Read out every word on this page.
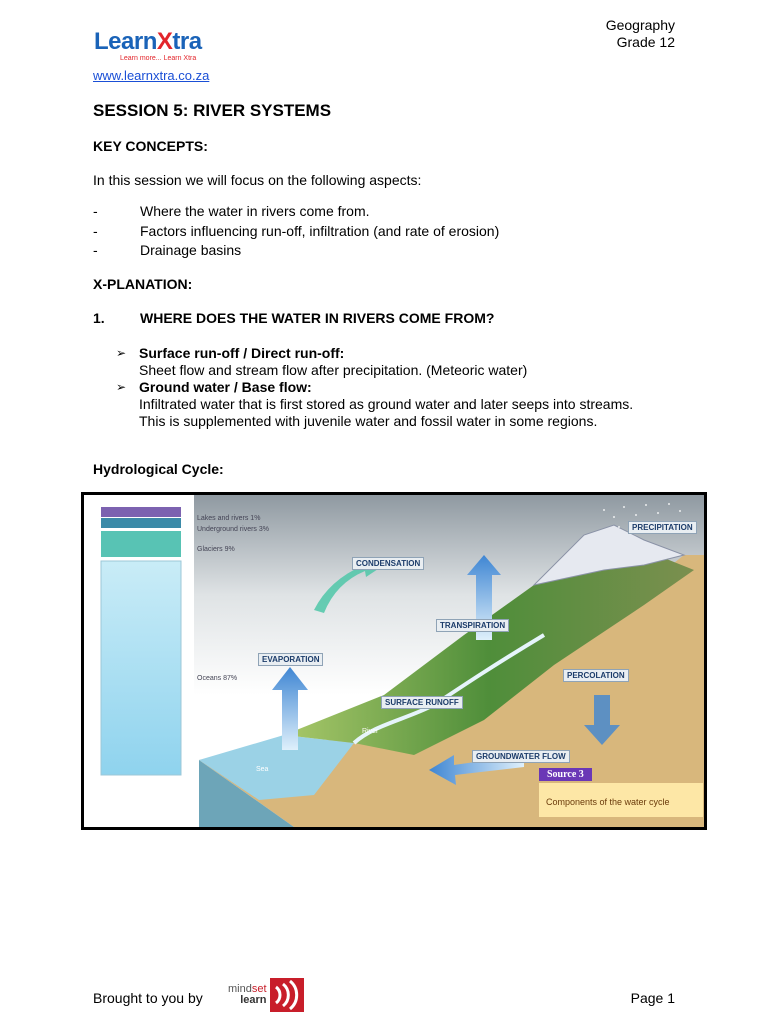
LearnXtra
Learn more... Learn Xtra
Geography
Grade 12
www.learnxtra.co.za
SESSION 5: RIVER SYSTEMS
KEY CONCEPTS:
In this session we will focus on the following aspects:
-	Where the water in rivers come from.
-	Factors influencing run-off, infiltration (and rate of erosion)
-	Drainage basins
X-PLANATION:
1.	WHERE DOES THE WATER IN RIVERS COME FROM?
➢ Surface run-off / Direct run-off:
Sheet flow and stream flow after precipitation. (Meteoric water)
➢ Ground water / Base flow:
Infiltrated water that is first stored as ground water and later seeps into streams.
This is supplemented with juvenile water and fossil water in some regions.
Hydrological Cycle:
Lakes and rivers 1%
Underground rivers 3%
Glaciers 9%
Oceans 87%
PRECIPITATION
CONDENSATION
TRANSPIRATION
EVAPORATION
PERCOLATION
SURFACE RUNOFF
GROUNDWATER FLOW
River
Sea	Source 3
Components of the water cycle
Brought to you by
mindset
learn	Page 1
